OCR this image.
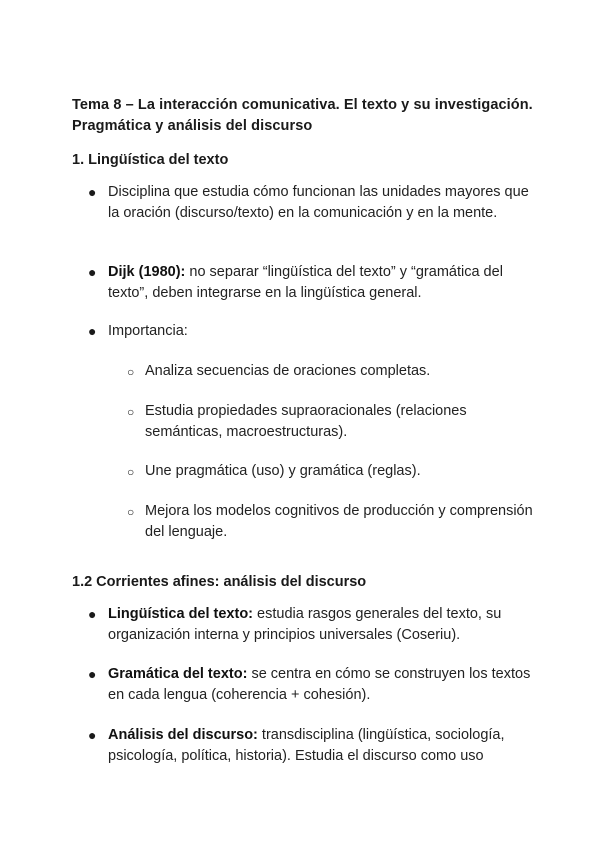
Tema 8 – La interacción comunicativa. El texto y su investigación. Pragmática y análisis del discurso
1. Lingüística del texto
● Disciplina que estudia cómo funcionan las unidades mayores que la oración (discurso/texto) en la comunicación y en la mente.
● Dijk (1980): no separar “lingüística del texto” y “gramática del texto”, deben integrarse en la lingüística general.
● Importancia:
○ Analiza secuencias de oraciones completas.
○ Estudia propiedades supraoracionales (relaciones semánticas, macroestructuras).
○ Une pragmática (uso) y gramática (reglas).
○ Mejora los modelos cognitivos de producción y comprensión del lenguaje.
1.2 Corrientes afines: análisis del discurso
● Lingüística del texto: estudia rasgos generales del texto, su organización interna y principios universales (Coseriu).
● Gramática del texto: se centra en cómo se construyen los textos en cada lengua (coherencia + cohesión).
● Análisis del discurso: transdisciplina (lingüística, sociología, psicología, política, historia). Estudia el discurso como uso
